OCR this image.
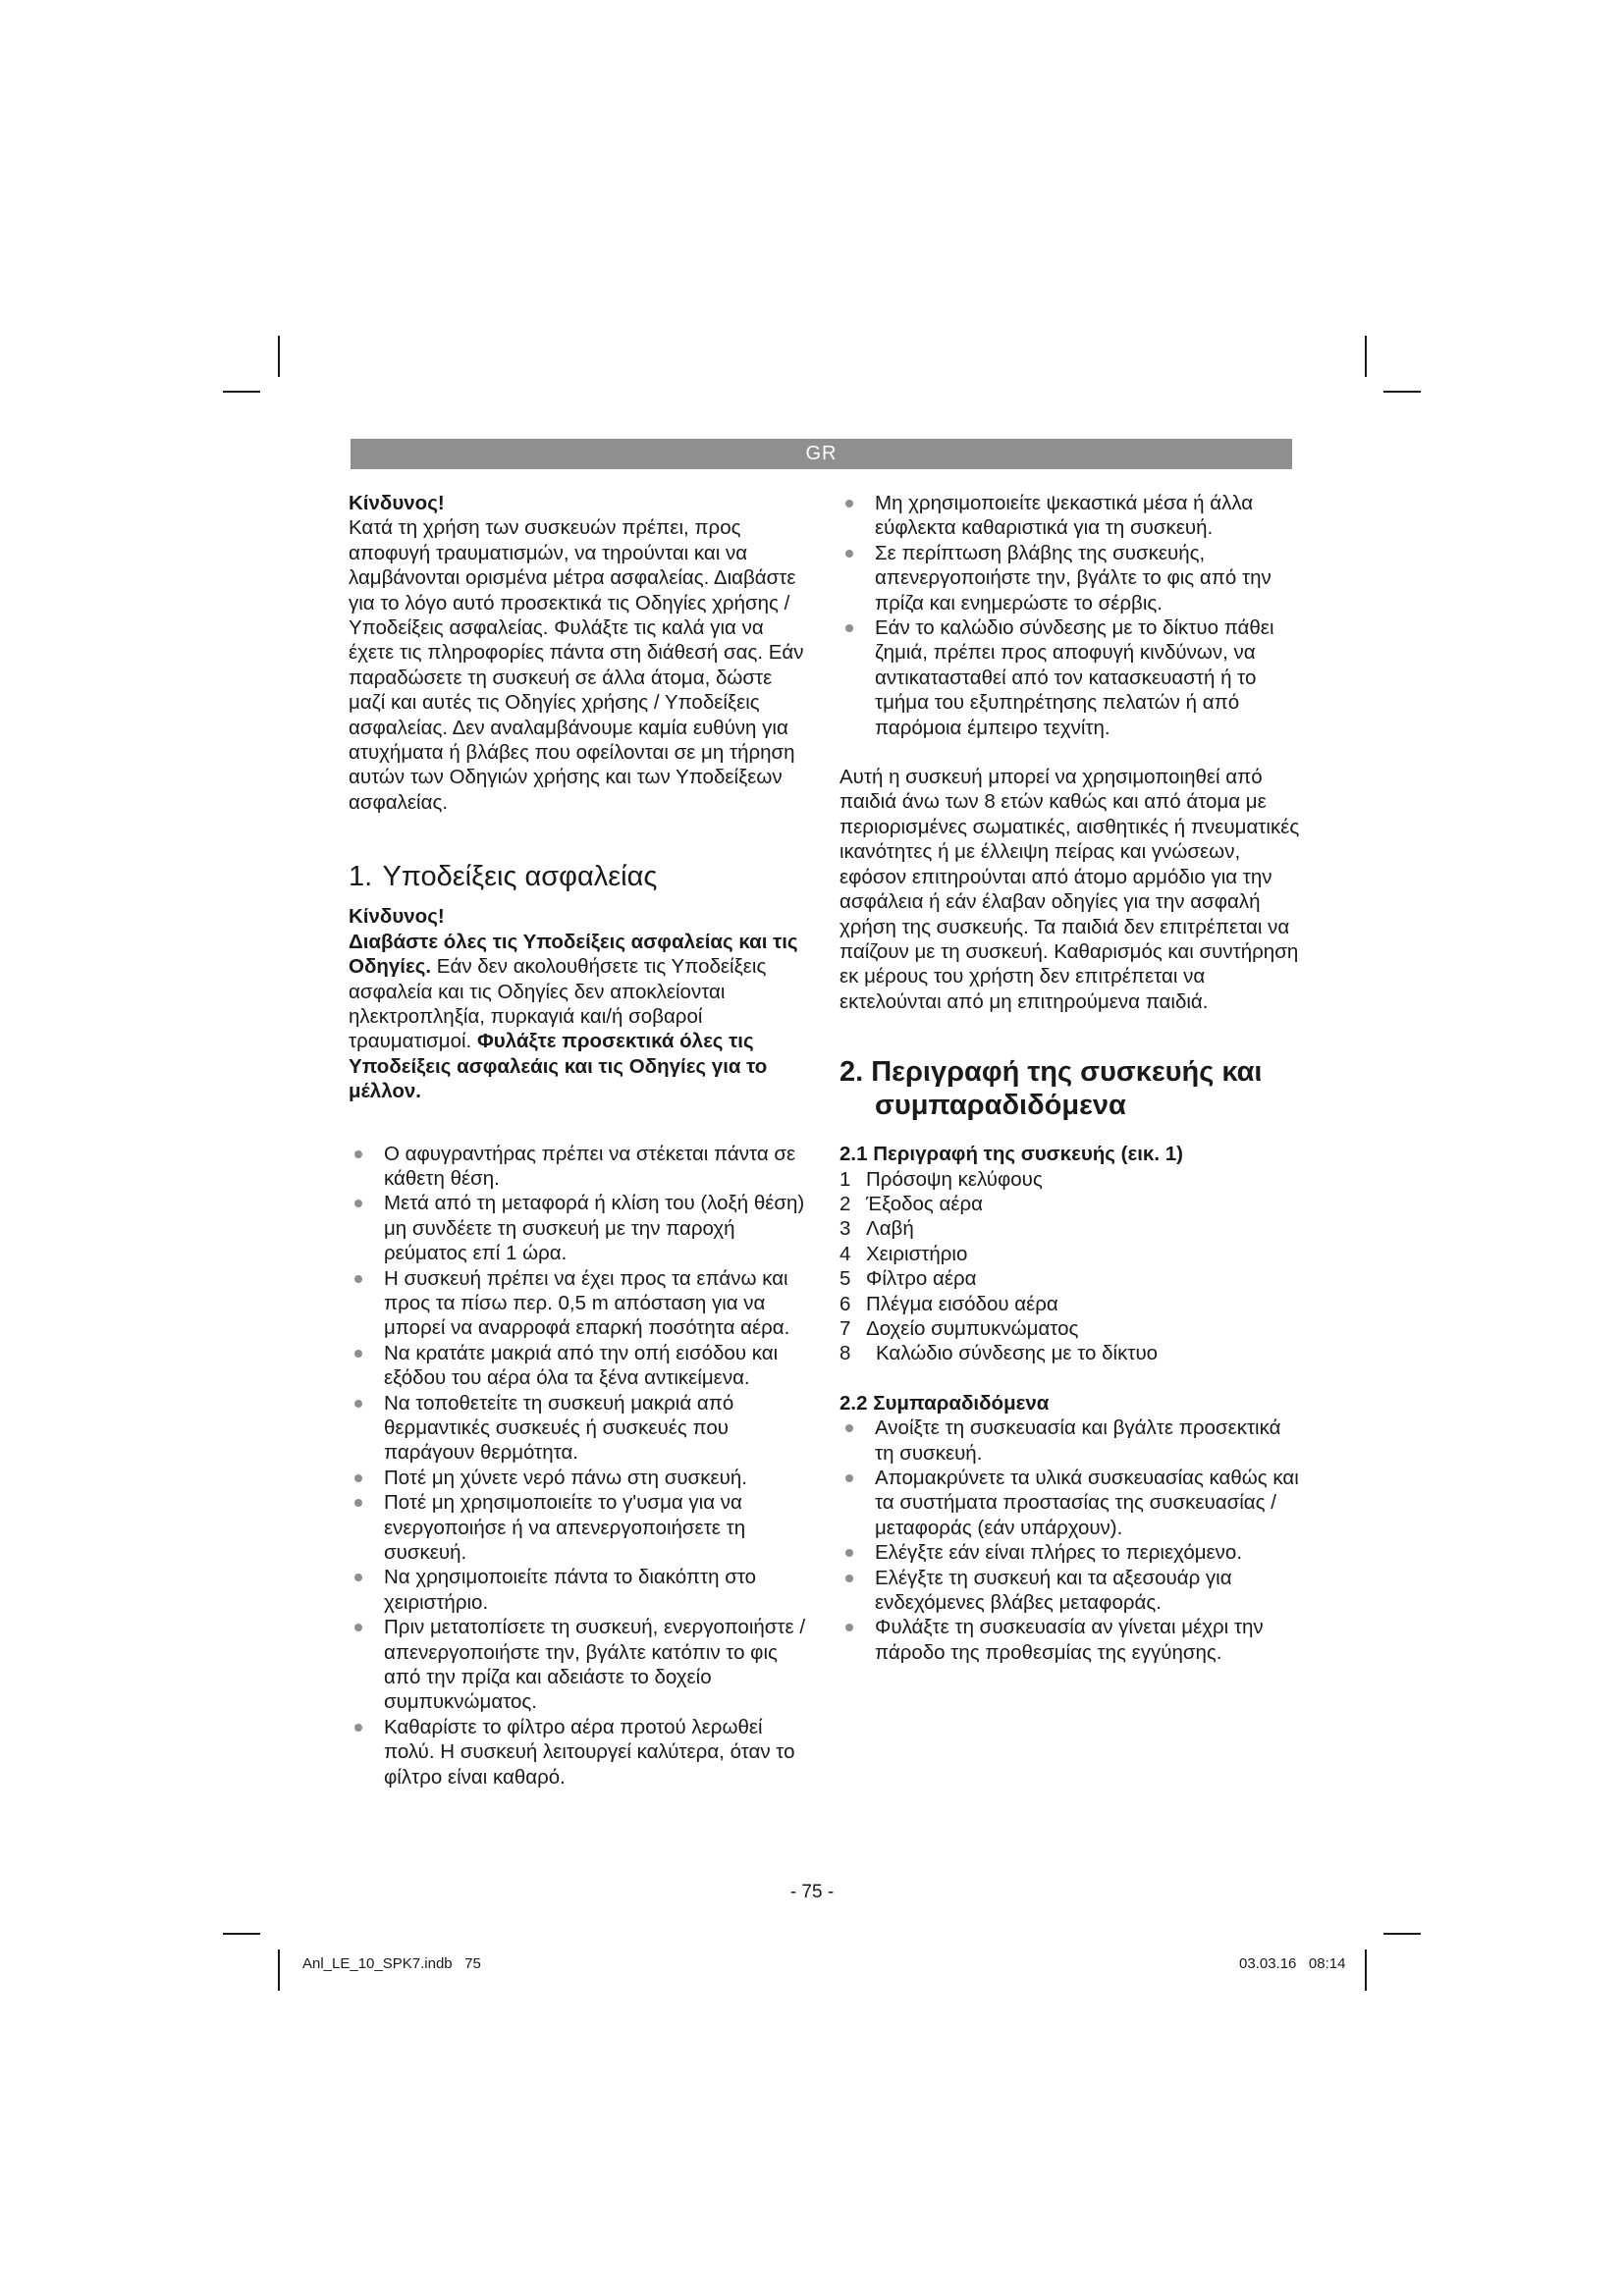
GR

Κίνδυνος!

Κατά τη χρήση των συσκευών πρέπει, προς αποφυγή τραυματισμών, να τηρούνται και να λαμβάνονται ορισμένα μέτρα ασφαλείας. Διαβάστε για το λόγο αυτό προσεκτικά τις Οδηγίες χρήσης / Υποδείξεις ασφαλείας. Φυλάξτε τις καλά για να έχετε τις πληροφορίες πάντα στη διάθεσή σας. Εάν παραδώσετε τη συσκευή σε άλλα άτομα, δώστε μαζί και αυτές τις Οδηγίες χρήσης / Υποδείξεις ασφαλείας. Δεν αναλαμβάνουμε καμία ευθύνη για ατυχήματα ή βλάβες που οφείλονται σε μη τήρηση αυτών των Οδηγιών χρήσης και των Υποδείξεων ασφαλείας.

1. Υποδείξεις ασφαλείας

Κίνδυνος!

Διαβάστε όλες τις Υποδείξεις ασφαλείας και τις Οδηγίες. Εάν δεν ακολουθήσετε τις Υποδείξεις ασφαλεία και τις Οδηγίες δεν αποκλείονται ηλεκτροπληξία, πυρκαγιά και/ή σοβαροί τραυματισμοί. Φυλάξτε προσεκτικά όλες τις Υποδείξεις ασφαλεάις και τις Οδηγίες για το μέλλον.

Ο αφυγραντήρας πρέπει να στέκεται πάντα σε κάθετη θέση.
Μετά από τη μεταφορά ή κλίση του (λοξή θέση) μη συνδέετε τη συσκευή με την παροχή ρεύματος επί 1 ώρα.
Η συσκευή πρέπει να έχει προς τα επάνω και προς τα πίσω περ. 0,5 m απόσταση για να μπορεί να αναρροφά επαρκή ποσότητα αέρα.
Να κρατάτε μακριά από την οπή εισόδου και εξόδου του αέρα όλα τα ξένα αντικείμενα.
Να τοποθετείτε τη συσκευή μακριά από θερμαντικές συσκευές ή συσκευές που παράγουν θερμότητα.
Ποτέ μη χύνετε νερό πάνω στη συσκευή.
Ποτέ μη χρησιμοποιείτε το γ'υσμα για να ενεργοποιήσε ή να απενεργοποιήσετε τη συσκευή.
Να χρησιμοποιείτε πάντα το διακόπτη στο χειριστήριο.
Πριν μετατοπίσετε τη συσκευή, ενεργοποιήστε /απενεργοποιήστε την, βγάλτε κατόπιν το φις από την πρίζα και αδειάστε το δοχείο συμπυκνώματος.
Καθαρίστε το φίλτρο αέρα προτού λερωθεί πολύ. Η συσκευή λειτουργεί καλύτερα, όταν το φίλτρο είναι καθαρό.
Μη χρησιμοποιείτε ψεκαστικά μέσα ή άλλα εύφλεκτα καθαριστικά για τη συσκευή.
Σε περίπτωση βλάβης της συσκευής, απενεργοποιήστε την, βγάλτε το φις από την πρίζα και ενημερώστε το σέρβις.
Εάν το καλώδιο σύνδεσης με το δίκτυο πάθει ζημιά, πρέπει προς αποφυγή κινδύνων, να αντικατασταθεί από τον κατασκευαστή ή το τμήμα του εξυπηρέτησης πελατών ή από παρόμοια έμπειρο τεχνίτη.

Αυτή η συσκευή μπορεί να χρησιμοποιηθεί από παιδιά άνω των 8 ετών καθώς και από άτομα με περιορισμένες σωματικές, αισθητικές ή πνευματικές ικανότητες ή με έλλειψη πείρας και γνώσεων, εφόσον επιτηρούνται από άτομο αρμόδιο για την ασφάλεια ή εάν έλαβαν οδηγίες για την ασφαλή χρήση της συσκευής. Τα παιδιά δεν επιτρέπεται να παίζουν με τη συσκευή. Καθαρισμός και συντήρηση εκ μέρους του χρήστη δεν επιτρέπεται να εκτελούνται από μη επιτηρούμενα παιδιά.

2. Περιγραφή της συσκευής και συμπαραδιδόμενα

2.1 Περιγραφή της συσκευής (εικ. 1)

1 Πρόσοψη κελύφους
2 Έξοδος αέρα
3 Λαβή
4 Χειριστήριο
5 Φίλτρο αέρα
6 Πλέγμα εισόδου αέρα
7 Δοχείο συμπυκνώματος
8	Καλώδιο σύνδεσης με το δίκτυο

2.2 Συμπαραδιδόμενα

Ανοίξτε τη συσκευασία και βγάλτε προσεκτικά τη συσκευή.
Απομακρύνετε τα υλικά συσκευασίας καθώς και τα συστήματα προστασίας της συσκευασίας / μεταφοράς (εάν υπάρχουν).
Ελέγξτε εάν είναι πλήρες το περιεχόμενο.
Ελέγξτε τη συσκευή και τα αξεσουάρ για ενδεχόμενες βλάβες μεταφοράς.
Φυλάξτε τη συσκευασία αν γίνεται μέχρι την πάροδο της προθεσμίας της εγγύησης.
- 75 -
Anl_LE_10_SPK7.indb   75	03.03.16   08:14
